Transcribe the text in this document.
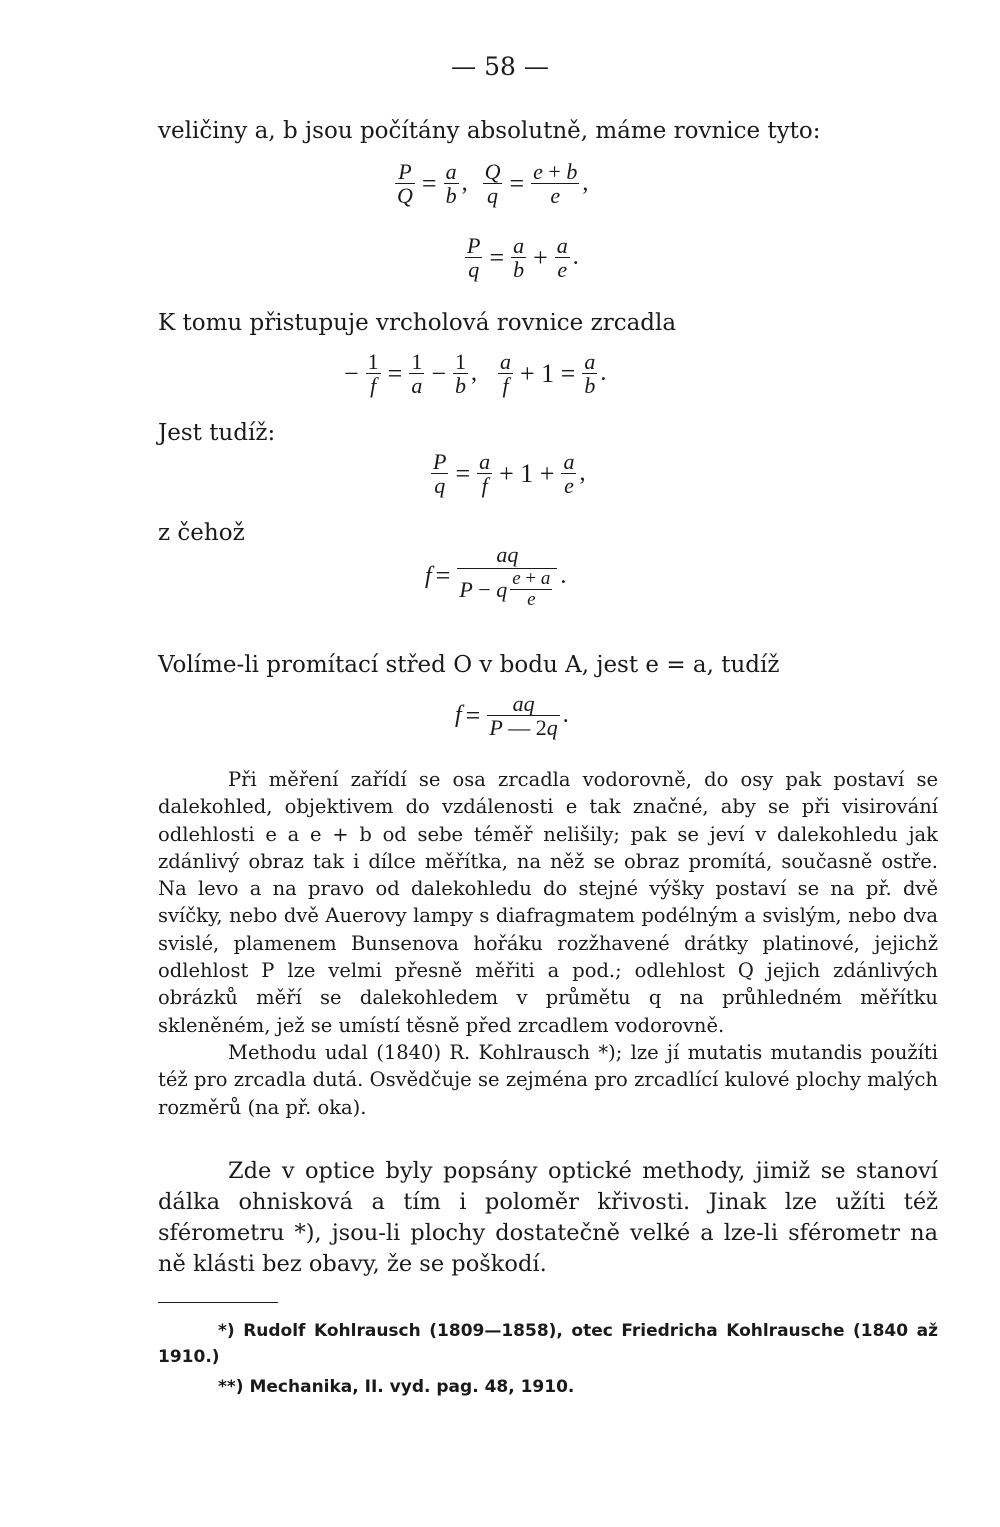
— 58 —
veličiny a, b jsou počítány absolutně, máme rovnice tyto:
$\frac{P}{Q} = \frac{a}{b}$ , $\frac{Q}{q} = \frac{e + b}{e}$ ,
$\frac{P}{q} = \frac{a}{b} + \frac{a}{e}$ .
K tomu přistupuje vrcholová rovnice zrcadla
− $\frac{1}{f} = \frac{1}{a} - \frac{1}{b}$ , $\frac{a}{f} + 1 = \frac{a}{b}$ .
Jest tudíž:
$\frac{P}{q} = \frac{a}{f} + 1 + \frac{a}{e}$ ,
z čehož
$f = \frac{aq}{P - q \frac{e + a}{e}}$ .
Volíme-li promítací střed O v bodu A, jest e = a, tudíž
$f = \frac{aq}{P — 2q}$ .

Při měření zařídí se osa zrcadla vodorovně, do osy pak postaví se dalekohled, objektivem do vzdálenosti e tak značné, aby se při visirování odlehlosti e a e + b od sebe téměř nelišily; pak se jeví v dalekohledu jak zdánlivý obraz tak i dílce měřítka, na něž se obraz promítá, současně ostře. Na levo a na pravo od dalekohledu do stejné výšky postaví se na př. dvě svíčky, nebo dvě Auerovy lampy s diafragmatem podélným a svislým, nebo dva svislé, plamenem Bunsenova hořáku rozžhavené drátky platinové, jejichž odlehlost P lze velmi přesně měřiti a pod.; odlehlost Q jejich zdánlivých obrázků měří se dalekohledem v průmětu q na průhledném měřítku skleněném, jež se umístí těsně před zrcadlem vodorovně.

Methodu udal (1840) R. Kohlrausch *); lze jí mutatis mutandis použíti též pro zrcadla dutá. Osvědčuje se zejména pro zrcadlící kulové plochy malých rozměrů (na př. oka).

Zde v optice byly popsány optické methody, jimiž se stanoví dálka ohnisková a tím i poloměr křivosti. Jinak lze užíti též sférometru *), jsou-li plochy dostatečně velké a lze-li sférometr na ně klásti bez obavy, že se poškodí.

*) Rudolf Kohlrausch (1809—1858), otec Friedricha Kohlrausche (1840 až 1910.)

**) Mechanika, II. vyd. pag. 48, 1910.
